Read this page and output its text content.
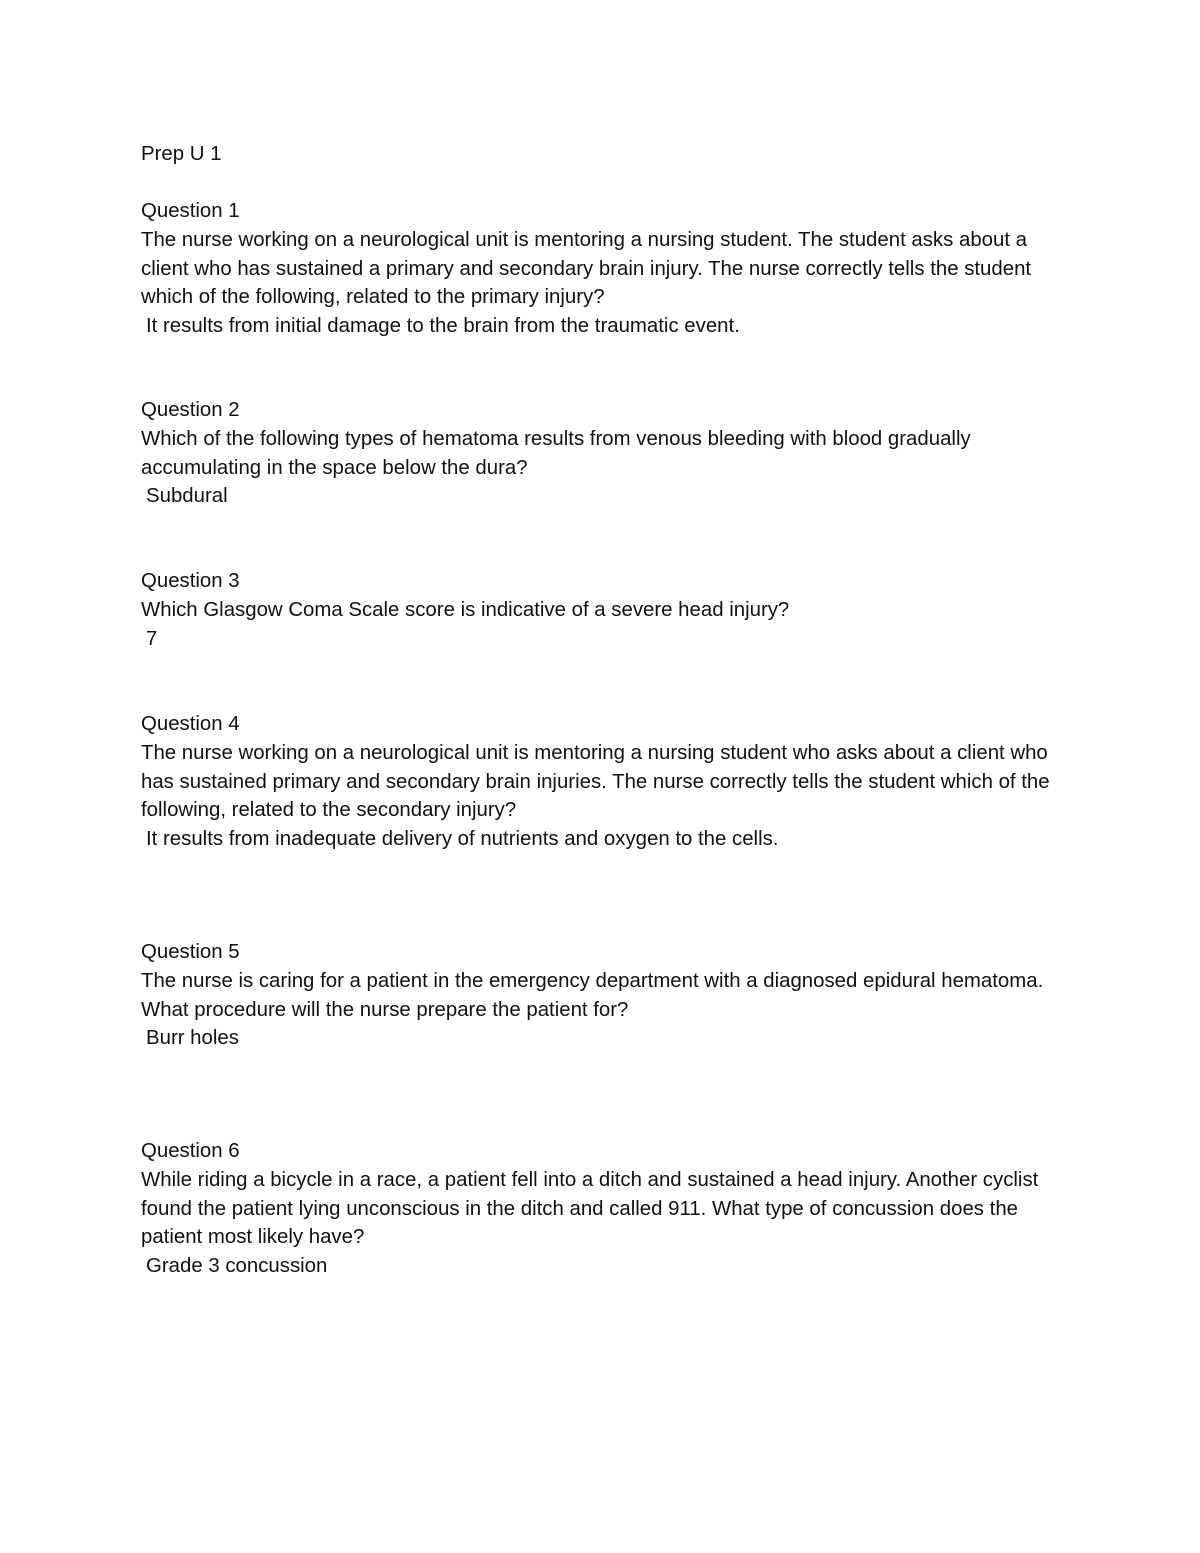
Prep U 1

Question 1

The nurse working on a neurological unit is mentoring a nursing student. The student asks about a client who has sustained a primary and secondary brain injury. The nurse correctly tells the student which of the following, related to the primary injury?

It results from initial damage to the brain from the traumatic event.

Question 2

Which of the following types of hematoma results from venous bleeding with blood gradually accumulating in the space below the dura?

Subdural

Question 3

Which Glasgow Coma Scale score is indicative of a severe head injury?

7

Question 4

The nurse working on a neurological unit is mentoring a nursing student who asks about a client who has sustained primary and secondary brain injuries. The nurse correctly tells the student which of the following, related to the secondary injury?

It results from inadequate delivery of nutrients and oxygen to the cells.

Question 5

The nurse is caring for a patient in the emergency department with a diagnosed epidural hematoma. What procedure will the nurse prepare the patient for?

Burr holes

Question 6

While riding a bicycle in a race, a patient fell into a ditch and sustained a head injury. Another cyclist found the patient lying unconscious in the ditch and called 911. What type of concussion does the patient most likely have?

Grade 3 concussion
